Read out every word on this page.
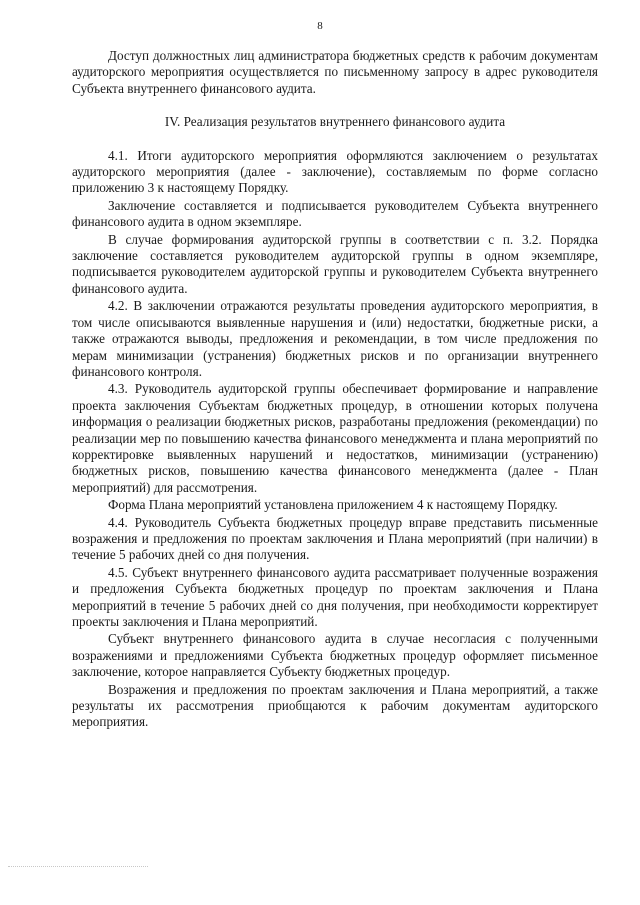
8

Доступ должностных лиц администратора бюджетных средств к рабочим документам аудиторского мероприятия осуществляется по письменному запросу в адрес руководителя Субъекта внутреннего финансового аудита.

IV. Реализация результатов внутреннего финансового аудита

4.1. Итоги аудиторского мероприятия оформляются заключением о результатах аудиторского мероприятия (далее - заключение), составляемым по форме согласно приложению 3 к настоящему Порядку.

Заключение составляется и подписывается руководителем Субъекта внутреннего финансового аудита в одном экземпляре.

В случае формирования аудиторской группы в соответствии с п. 3.2. Порядка заключение составляется руководителем аудиторской группы в одном экземпляре, подписывается руководителем аудиторской группы и руководителем Субъекта внутреннего финансового аудита.

4.2. В заключении отражаются результаты проведения аудиторского мероприятия, в том числе описываются выявленные нарушения и (или) недостатки, бюджетные риски, а также отражаются выводы, предложения и рекомендации, в том числе предложения по мерам минимизации (устранения) бюджетных рисков и по организации внутреннего финансового контроля.

4.3. Руководитель аудиторской группы обеспечивает формирование и направление проекта заключения Субъектам бюджетных процедур, в отношении которых получена информация о реализации бюджетных рисков, разработаны предложения (рекомендации) по реализации мер по повышению качества финансового менеджмента и плана мероприятий по корректировке выявленных нарушений и недостатков, минимизации (устранению) бюджетных рисков, повышению качества финансового менеджмента (далее - План мероприятий) для рассмотрения.

Форма Плана мероприятий установлена приложением 4 к настоящему Порядку.

4.4. Руководитель Субъекта бюджетных процедур вправе представить письменные возражения и предложения по проектам заключения и Плана мероприятий (при наличии) в течение 5 рабочих дней со дня получения.

4.5. Субъект внутреннего финансового аудита рассматривает полученные возражения и предложения Субъекта бюджетных процедур по проектам заключения и Плана мероприятий в течение 5 рабочих дней со дня получения, при необходимости корректирует проекты заключения и Плана мероприятий.

Субъект внутреннего финансового аудита в случае несогласия с полученными возражениями и предложениями Субъекта бюджетных процедур оформляет письменное заключение, которое направляется Субъекту бюджетных процедур.

Возражения и предложения по проектам заключения и Плана мероприятий, а также результаты их рассмотрения приобщаются к рабочим документам аудиторского мероприятия.
